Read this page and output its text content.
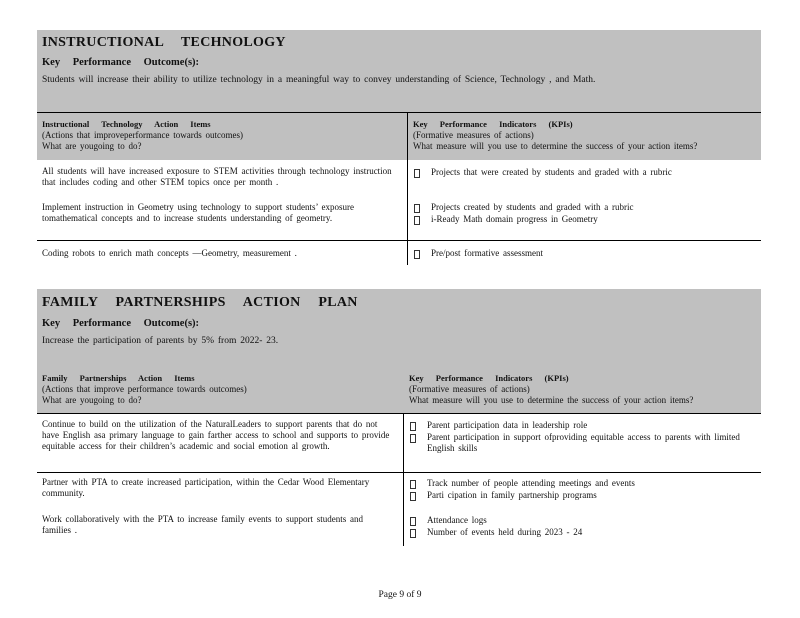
INSTRUCTIONAL TECHNOLOGY
Key Performance Outcome(s):
Students will increase their ability to utilize technology in a meaningful way to convey understanding of Science, Technology , and Math.
Instructional Technology Action Items
(Actions that improveperformance towards outcomes)
What are yougoing to do?
Key Performance Indicators (KPIs)
(Formative measures of actions)
What measure will you use to determine the success of your action items?
All students will have increased exposure to STEM activities through technology instruction that includes coding and other STEM topics once per month .
Implement instruction in Geometry using technology to support students’ exposure tomathematical concepts and to increase students understanding of geometry.
Projects that were created by students and graded with a rubric
Projects created by students and graded with a rubric
i-Ready Math domain progress in Geometry
Coding robots to enrich math concepts —Geometry, measurement .	Pre/post formative assessment
FAMILY PARTNERSHIPS ACTION PLAN
Key Performance Outcome(s):
Increase the participation of parents by 5% from 2022- 23.
Family Partnerships Action Items
(Actions that improve performance towards outcomes)
What are yougoing to do?
Key Performance Indicators (KPIs)
(Formative measures of actions)
What measure will you use to determine the success of your action items?
Continue to build on the utilization of the NaturalLeaders to support parents that do not have English asa primary language to gain farther access to school and supports to provide equitable access for their children’s academic and social emotion al growth.
Parent participation data in leadership role
Parent participation in support ofproviding equitable access to parents with limited English skills
Partner with PTA to create increased participation, within the Cedar Wood Elementary community.
Work collaboratively with the PTA to increase family events to support students and families .
Track number of people attending meetings and events
Parti cipation in family partnership programs
Attendance logs
Number of events held during 2023 - 24
Page 9 of 9
